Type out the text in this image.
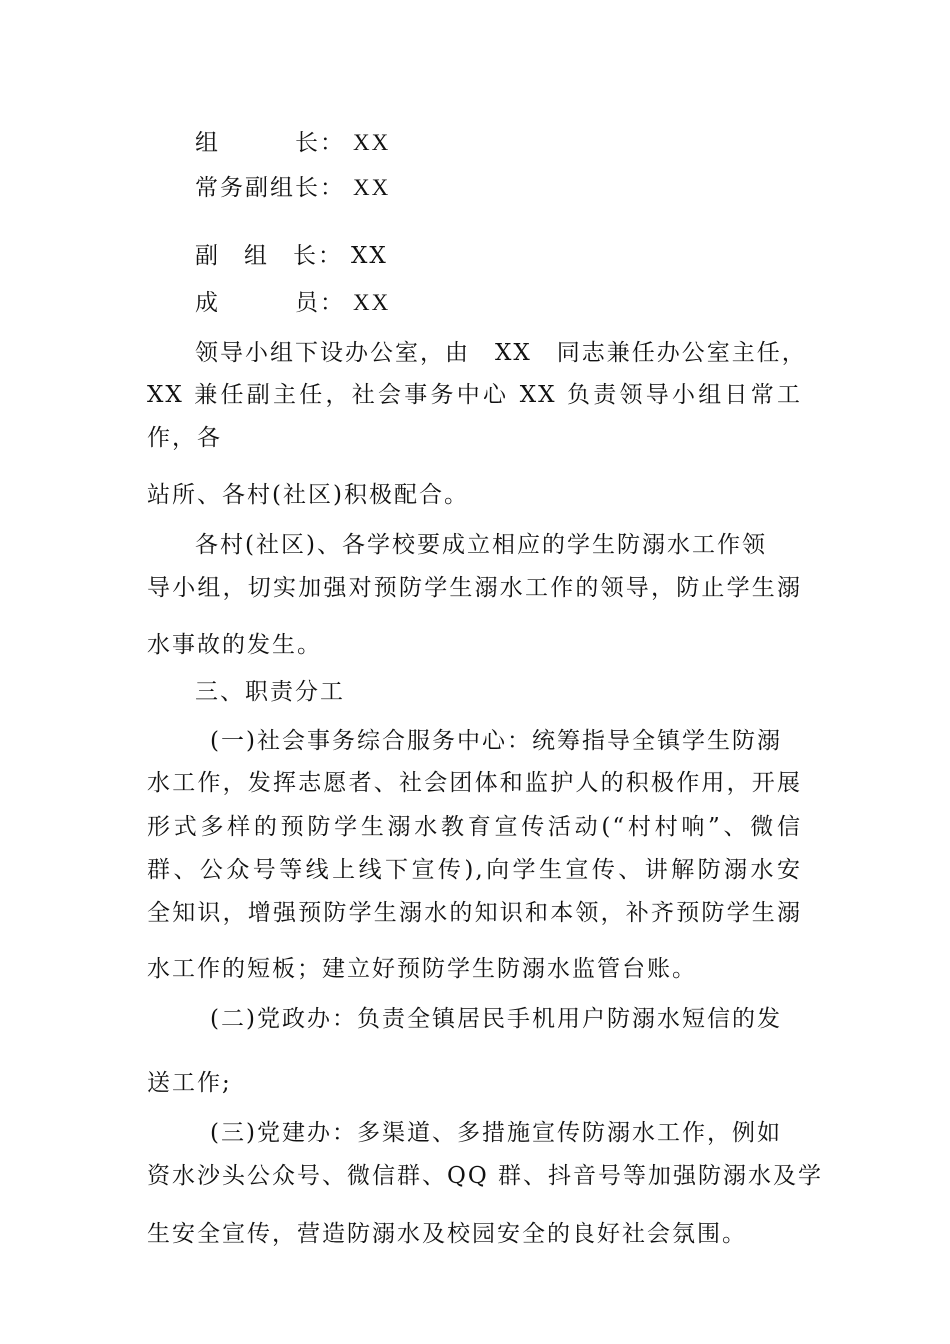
组	长： XX
常务副组长： XX
副 组 长： XX
成	员： XX
领导小组下设办公室，由　XX　同志兼任办公室主任，
XX 兼任副主任，社会事务中心 XX 负责领导小组日常工
作，各
站所、各村(社区)积极配合。
各村(社区)、各学校要成立相应的学生防溺水工作领
导小组，切实加强对预防学生溺水工作的领导，防止学生溺
水事故的发生。
三、职责分工
(一)社会事务综合服务中心：统筹指导全镇学生防溺
水工作，发挥志愿者、社会团体和监护人的积极作用，开展
形式多样的预防学生溺水教育宣传活动(“村村响”、微信
群、公众号等线上线下宣传),向学生宣传、讲解防溺水安
全知识，增强预防学生溺水的知识和本领，补齐预防学生溺
水工作的短板；建立好预防学生防溺水监管台账。
(二)党政办：负责全镇居民手机用户防溺水短信的发
送工作;
(三)党建办：多渠道、多措施宣传防溺水工作，例如
资水沙头公众号、微信群、QQ 群、抖音号等加强防溺水及学
生安全宣传，营造防溺水及校园安全的良好社会氛围。
